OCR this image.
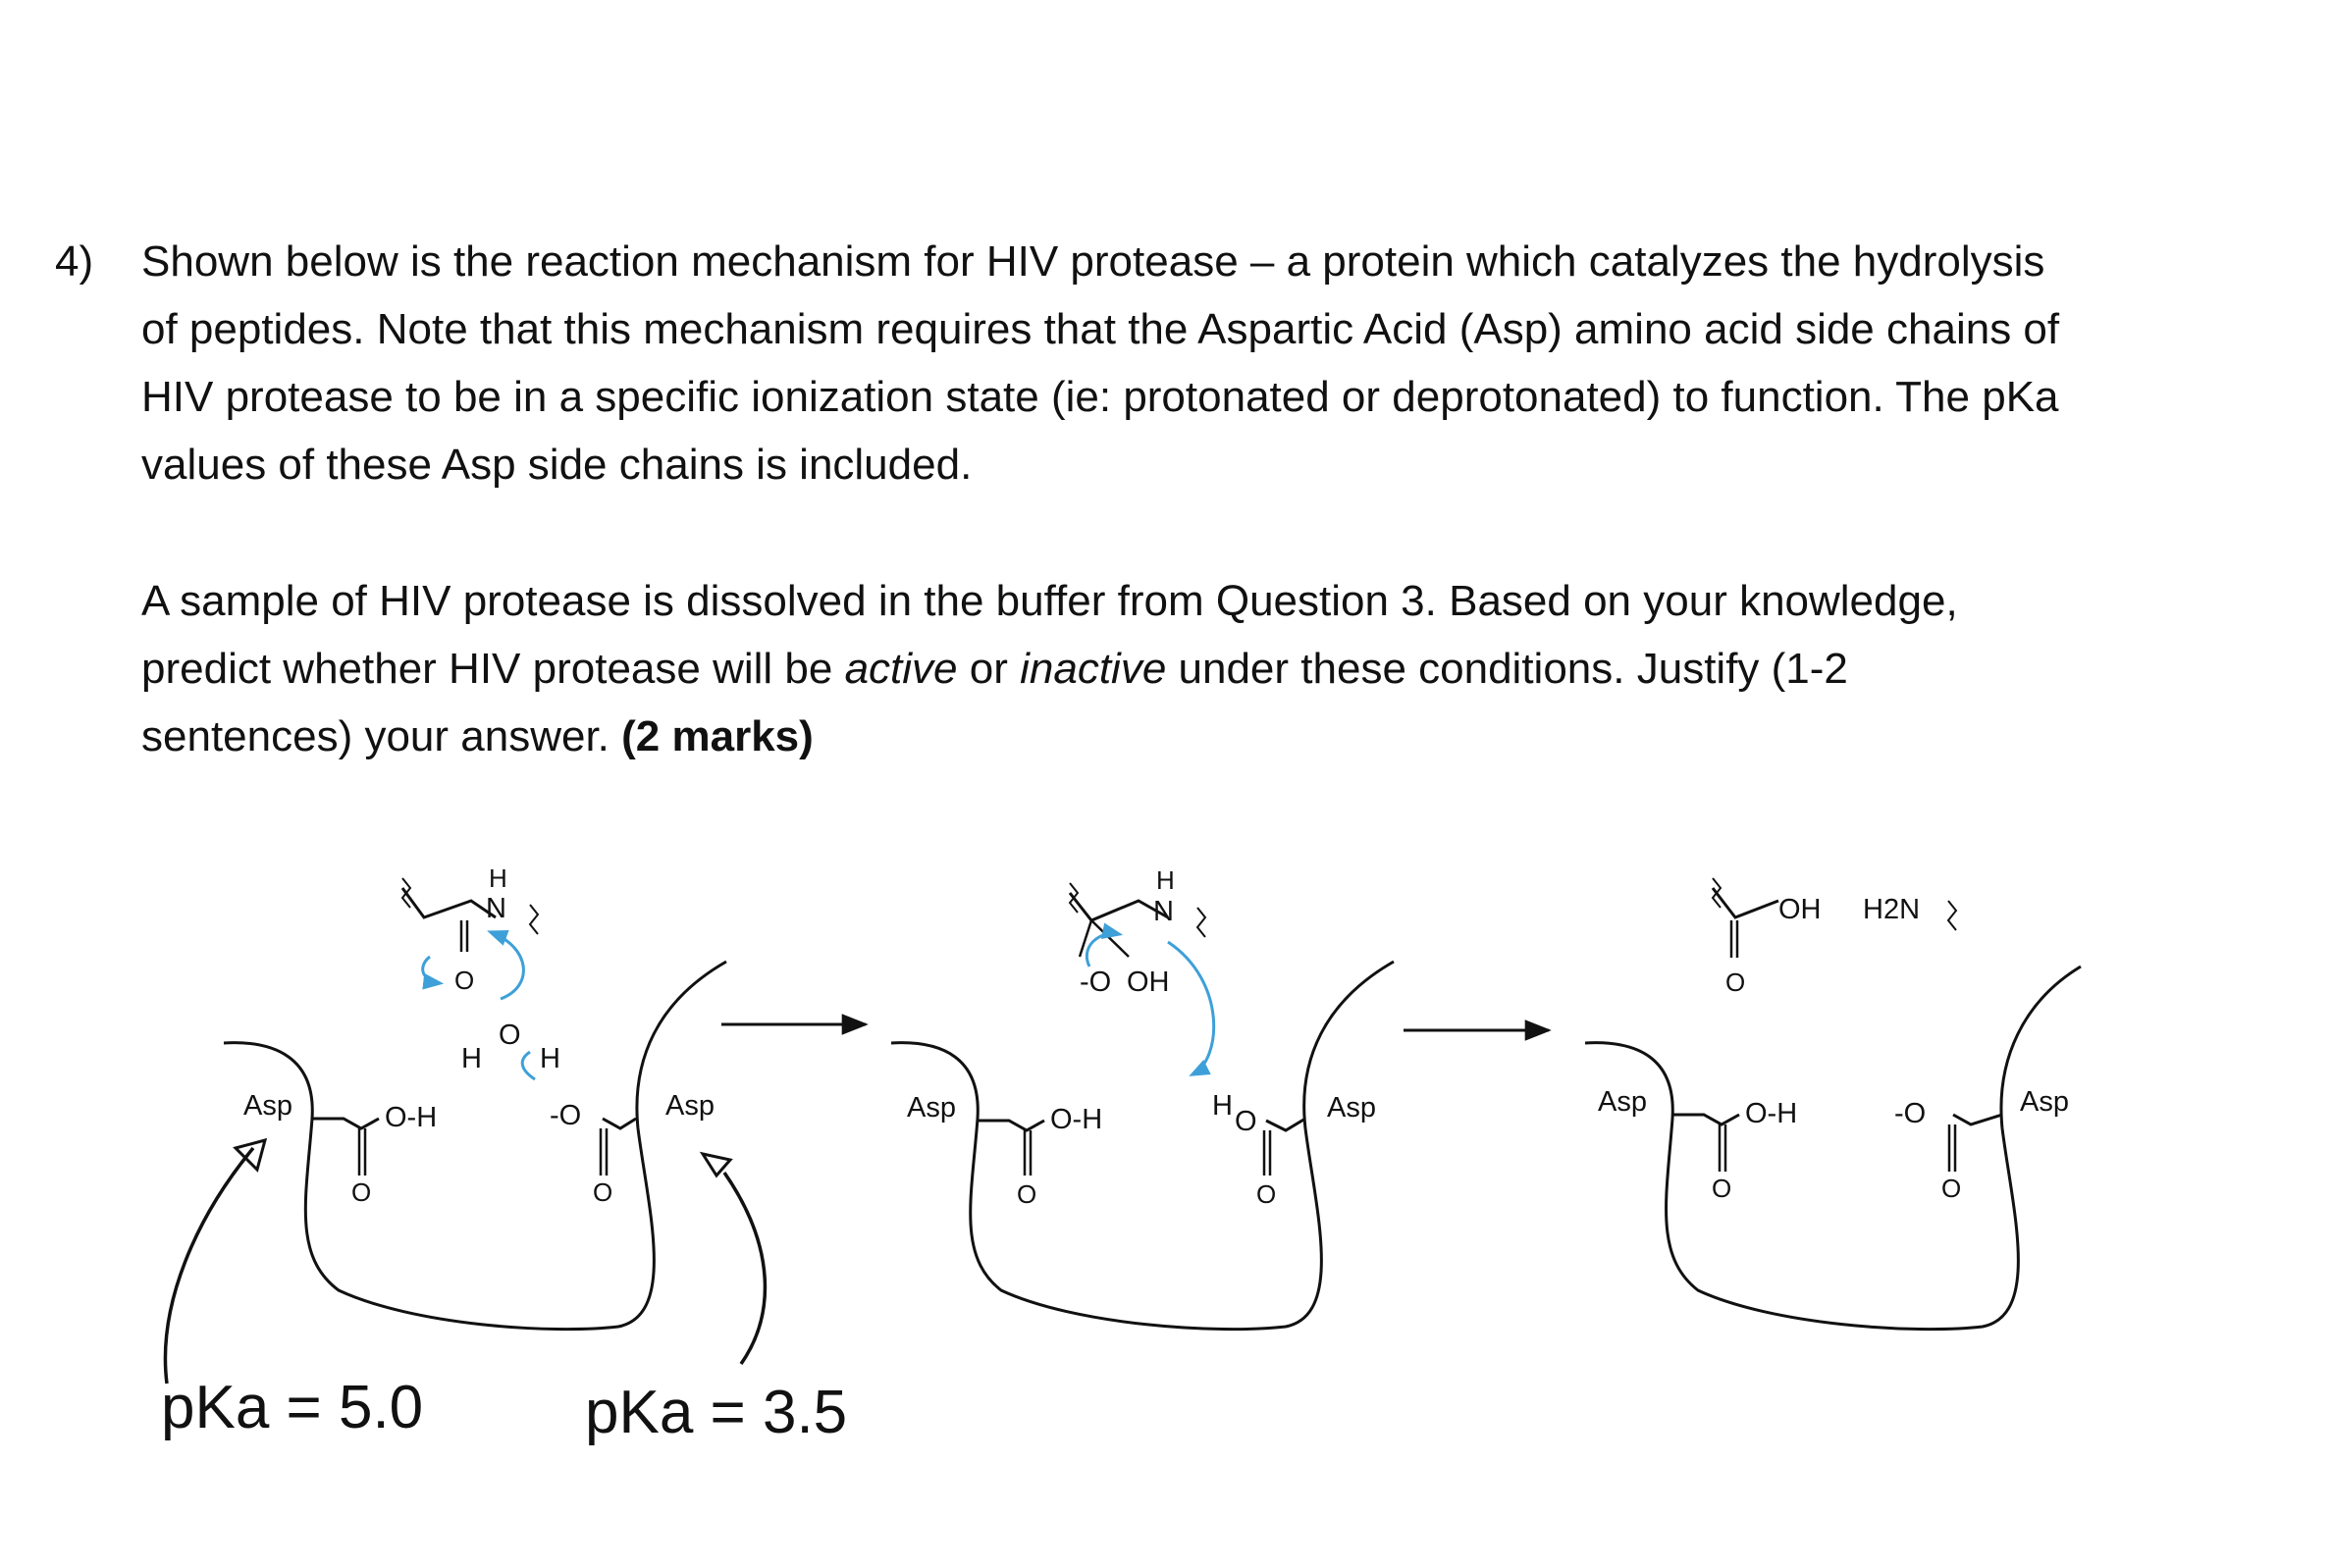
4) Shown below is the reaction mechanism for HIV protease – a protein which catalyzes the hydrolysis
of peptides. Note that this mechanism requires that the Aspartic Acid (Asp) amino acid side chains of
HIV protease to be in a specific ionization state (ie: protonated or deprotonated) to function. The pKa
values of these Asp side chains is included.
A sample of HIV protease is dissolved in the buffer from Question 3. Based on your knowledge,
predict whether HIV protease will be active or inactive under these conditions. Justify (1-2
sentences) your answer. (2 marks)
Asp	Asp
O
O-H
O
-O
H
O
H
O
N
H
Asp	Asp
O
O-H
O
H O
-O OH
N
H
Asp	Asp
O
O-H
O
-O
O
OH H2N
pKa = 5.0	pKa = 3.5
